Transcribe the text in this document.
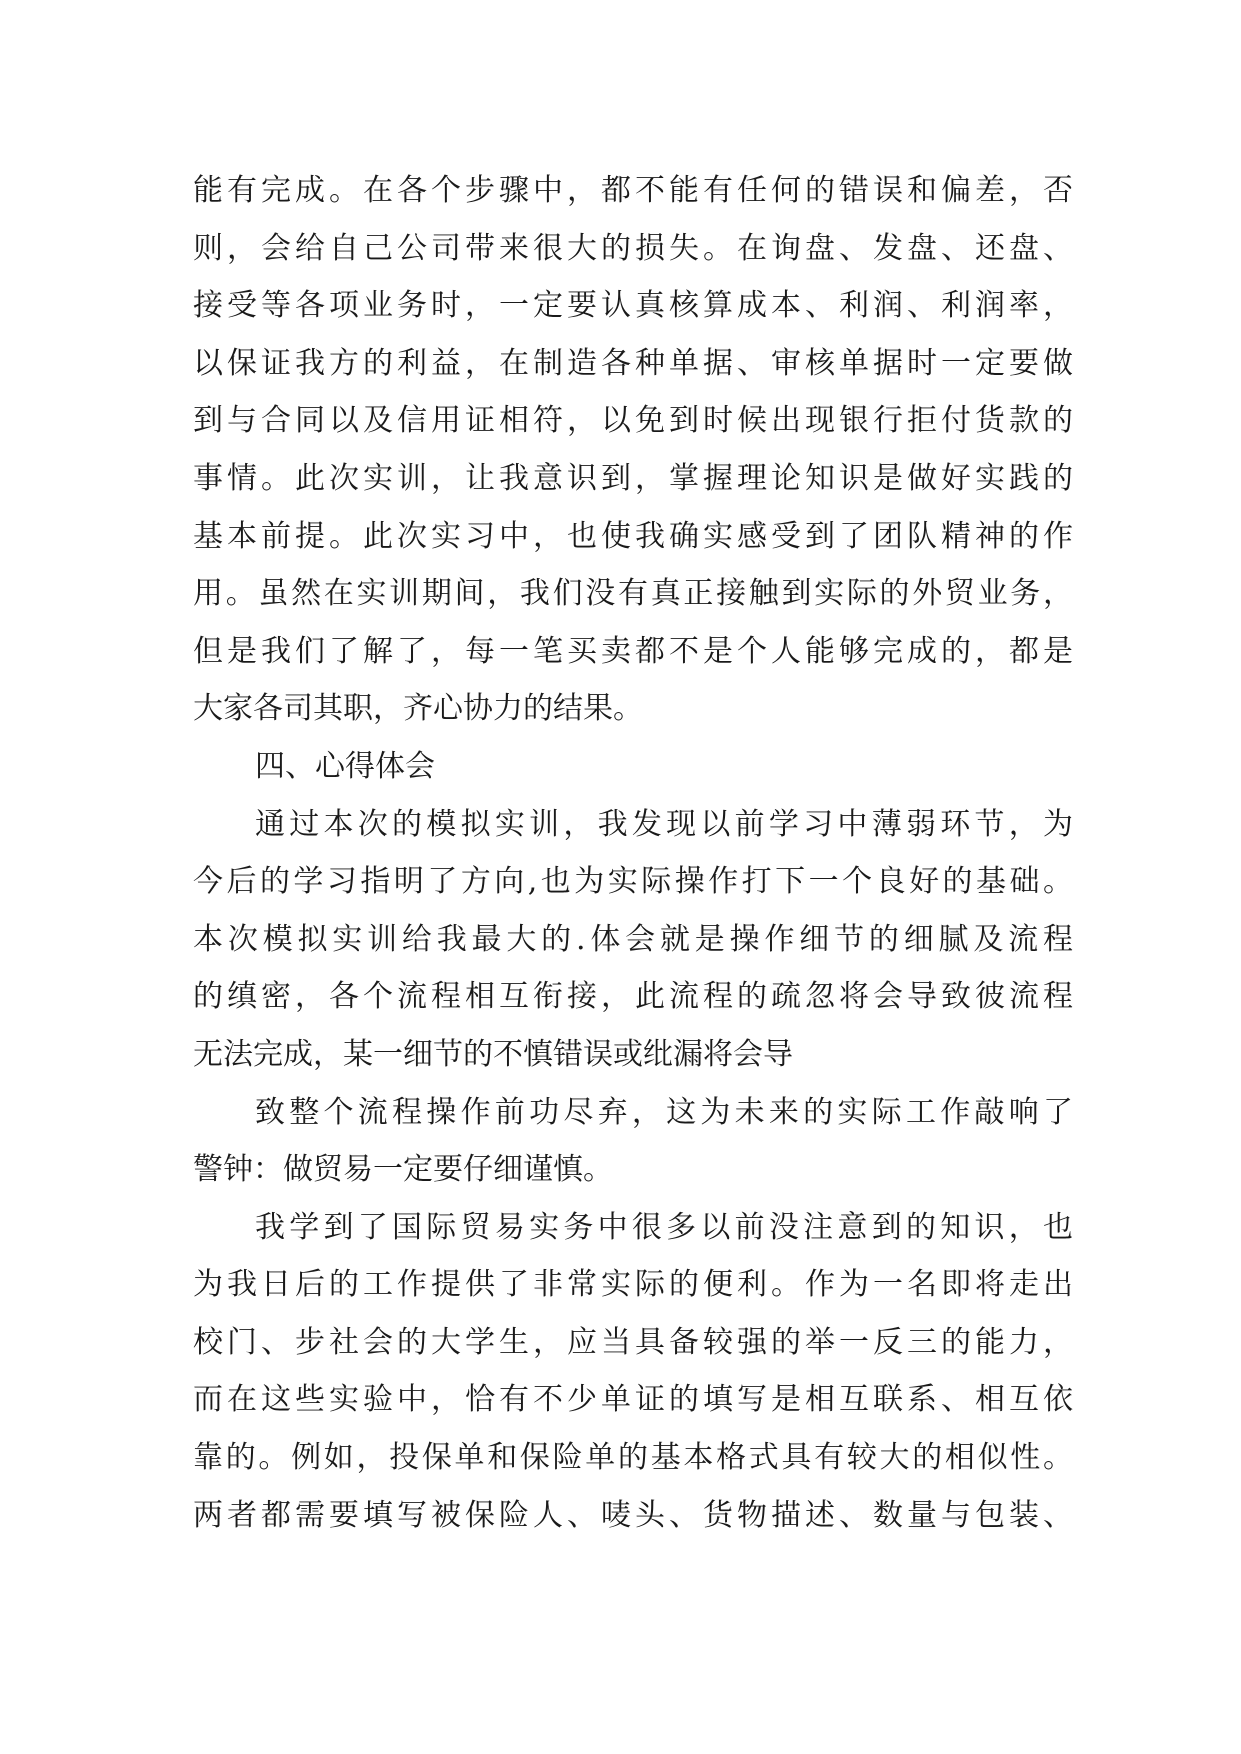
能有完成。在各个步骤中，都不能有任何的错误和偏差，否
则，会给自己公司带来很大的损失。在询盘、发盘、还盘、
接受等各项业务时，一定要认真核算成本、利润、利润率，
以保证我方的利益，在制造各种单据、审核单据时一定要做
到与合同以及信用证相符，以免到时候出现银行拒付货款的
事情。此次实训，让我意识到，掌握理论知识是做好实践的
基本前提。此次实习中，也使我确实感受到了团队精神的作
用。虽然在实训期间，我们没有真正接触到实际的外贸业务，
但是我们了解了，每一笔买卖都不是个人能够完成的，都是
大家各司其职，齐心协力的结果。
四、心得体会
通过本次的模拟实训，我发现以前学习中薄弱环节，为
今后的学习指明了方向,也为实际操作打下一个良好的基础。
本次模拟实训给我最大的.体会就是操作细节的细腻及流程
的缜密，各个流程相互衔接，此流程的疏忽将会导致彼流程
无法完成，某一细节的不慎错误或纰漏将会导
致整个流程操作前功尽弃，这为未来的实际工作敲响了
警钟：做贸易一定要仔细谨慎。
我学到了国际贸易实务中很多以前没注意到的知识，也
为我日后的工作提供了非常实际的便利。作为一名即将走出
校门、步社会的大学生，应当具备较强的举一反三的能力，
而在这些实验中，恰有不少单证的填写是相互联系、相互依
靠的。例如，投保单和保险单的基本格式具有较大的相似性。
两者都需要填写被保险人、唛头、货物描述、数量与包装、
